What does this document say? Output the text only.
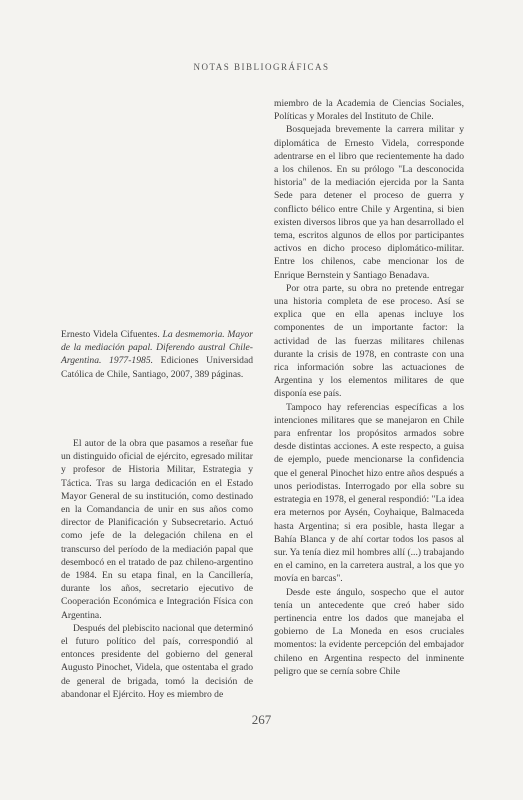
NOTAS BIBLIOGRÁFICAS

Ernesto Videla Cifuentes. La desmemoria. Mayor de la mediación papal. Diferendo austral Chile-Argentina. 1977-1985. Ediciones Universidad Católica de Chile, Santiago, 2007, 389 páginas.

El autor de la obra que pasamos a reseñar fue un distinguido oficial de ejército, egresado militar y profesor de Historia Militar, Estrategia y Táctica. Tras su larga dedicación en el Estado Mayor General de su institución, como destinado en la Comandancia de unir en sus años como director de Planificación y Subsecretario. Actuó como jefe de la delegación chilena en el transcurso del período de la mediación papal que desembocó en el tratado de paz chileno-argentino de 1984. En su etapa final, en la Cancillería, durante los años, secretario ejecutivo de Cooperación Económica e Integración Física con Argentina.

Después del plebiscito nacional que determinó el futuro político del país, correspondió al entonces presidente del gobierno del general Augusto Pinochet, Videla, que ostentaba el grado de general de brigada, tomó la decisión de abandonar el Ejército. Hoy es miembro de

miembro de la Academia de Ciencias Sociales, Políticas y Morales del Instituto de Chile.

Bosquejada brevemente la carrera militar y diplomática de Ernesto Videla, corresponde adentrarse en el libro que recientemente ha dado a los chilenos. En su prólogo "La desconocida historia" de la mediación ejercida por la Santa Sede para detener el proceso de guerra y conflicto bélico entre Chile y Argentina, si bien existen diversos libros que ya han desarrollado el tema, escritos algunos de ellos por participantes activos en dicho proceso diplomático-militar. Entre los chilenos, cabe mencionar los de Enrique Bernstein y Santiago Benadava.

Por otra parte, su obra no pretende entregar una historia completa de ese proceso. Así se explica que en ella apenas incluye los componentes de un importante factor: la actividad de las fuerzas militares chilenas durante la crisis de 1978, en contraste con una rica información sobre las actuaciones de Argentina y los elementos militares de que disponía ese país.

Tampoco hay referencias específicas a los intenciones militares que se manejaron en Chile para enfrentar los propósitos armados sobre desde distintas acciones. A este respecto, a guisa de ejemplo, puede mencionarse la confidencia que el general Pinochet hizo entre años después a unos periodistas. Interrogado por ella sobre su estrategia en 1978, el general respondió: "La idea era meternos por Aysén, Coyhaique, Balmaceda hasta Argentina; si era posible, hasta llegar a Bahía Blanca y de ahí cortar todos los pasos al sur. Ya tenía diez mil hombres allí (...) trabajando en el camino, en la carretera austral, a los que yo movía en barcas".

Desde este ángulo, sospecho que el autor tenía un antecedente que creó haber sido pertinencia entre los dados que manejaba el gobierno de La Moneda en esos cruciales momentos: la evidente percepción del embajador chileno en Argentina respecto del inminente peligro que se cernía sobre Chile

267
